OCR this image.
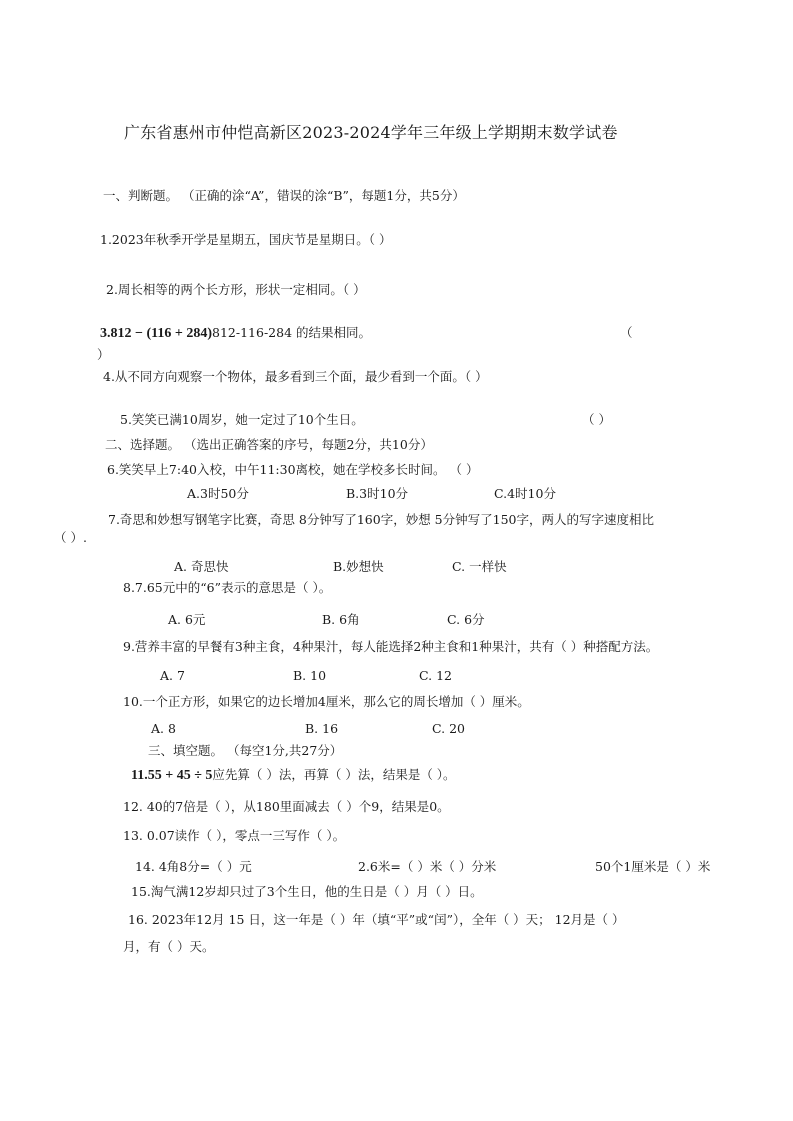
广东省惠州市仲恺高新区2023-2024学年三年级上学期期末数学试卷
一、判断题。 （正确的涂“A”，错误的涂“B”，每题1分，共5分）
1.2023年秋季开学是星期五，国庆节是星期日。（ ）
2.周长相等的两个长方形，形状一定相同。（ ）
3.812 − (116 + 284)812-116-284 的结果相同。	（
）
4.从不同方向观察一个物体，最多看到三个面，最少看到一个面。（ ）
5.笑笑已满10周岁，她一定过了10个生日。	（ ）
二、选择题。 （选出正确答案的序号，每题2分，共10分）
6.笑笑早上7:40入校，中午11:30离校，她在学校多长时间。 （ ）
A.3时50分	B.3时10分	C.4时10分
7.奇思和妙想写钢笔字比赛，奇思 8分钟写了160字，妙想 5分钟写了150字，两人的写字速度相比
（ ）.
A. 奇思快	B.妙想快	C. 一样快
8.7.65元中的“6”表示的意思是（ ）。
A. 6元	B. 6角	C. 6分
9.营养丰富的早餐有3种主食，4种果汁，每人能选择2种主食和1种果汁，共有（ ）种搭配方法。
A. 7	B. 10	C. 12
10.一个正方形，如果它的边长增加4厘米，那么它的周长增加（ ）厘米。
A. 8	B. 16	C. 20
三、填空题。 （每空1分,共27分）
11.55 + 45 ÷ 5应先算（ ）法，再算（ ）法，结果是（ ）。
12. 40的7倍是（ ），从180里面减去（ ）个9，结果是0。
13. 0.07读作（ ），零点一三写作（ ）。
14. 4角8分=（ ）元	2.6米=（ ）米（ ）分米	50个1厘米是（ ）米
15.淘气满12岁却只过了3个生日，他的生日是（ ）月（ ）日。
16. 2023年12月 15 日，这一年是（ ）年（填“平”或“闰”），全年（ ）天； 12月是（ ）
月，有（ ）天。
